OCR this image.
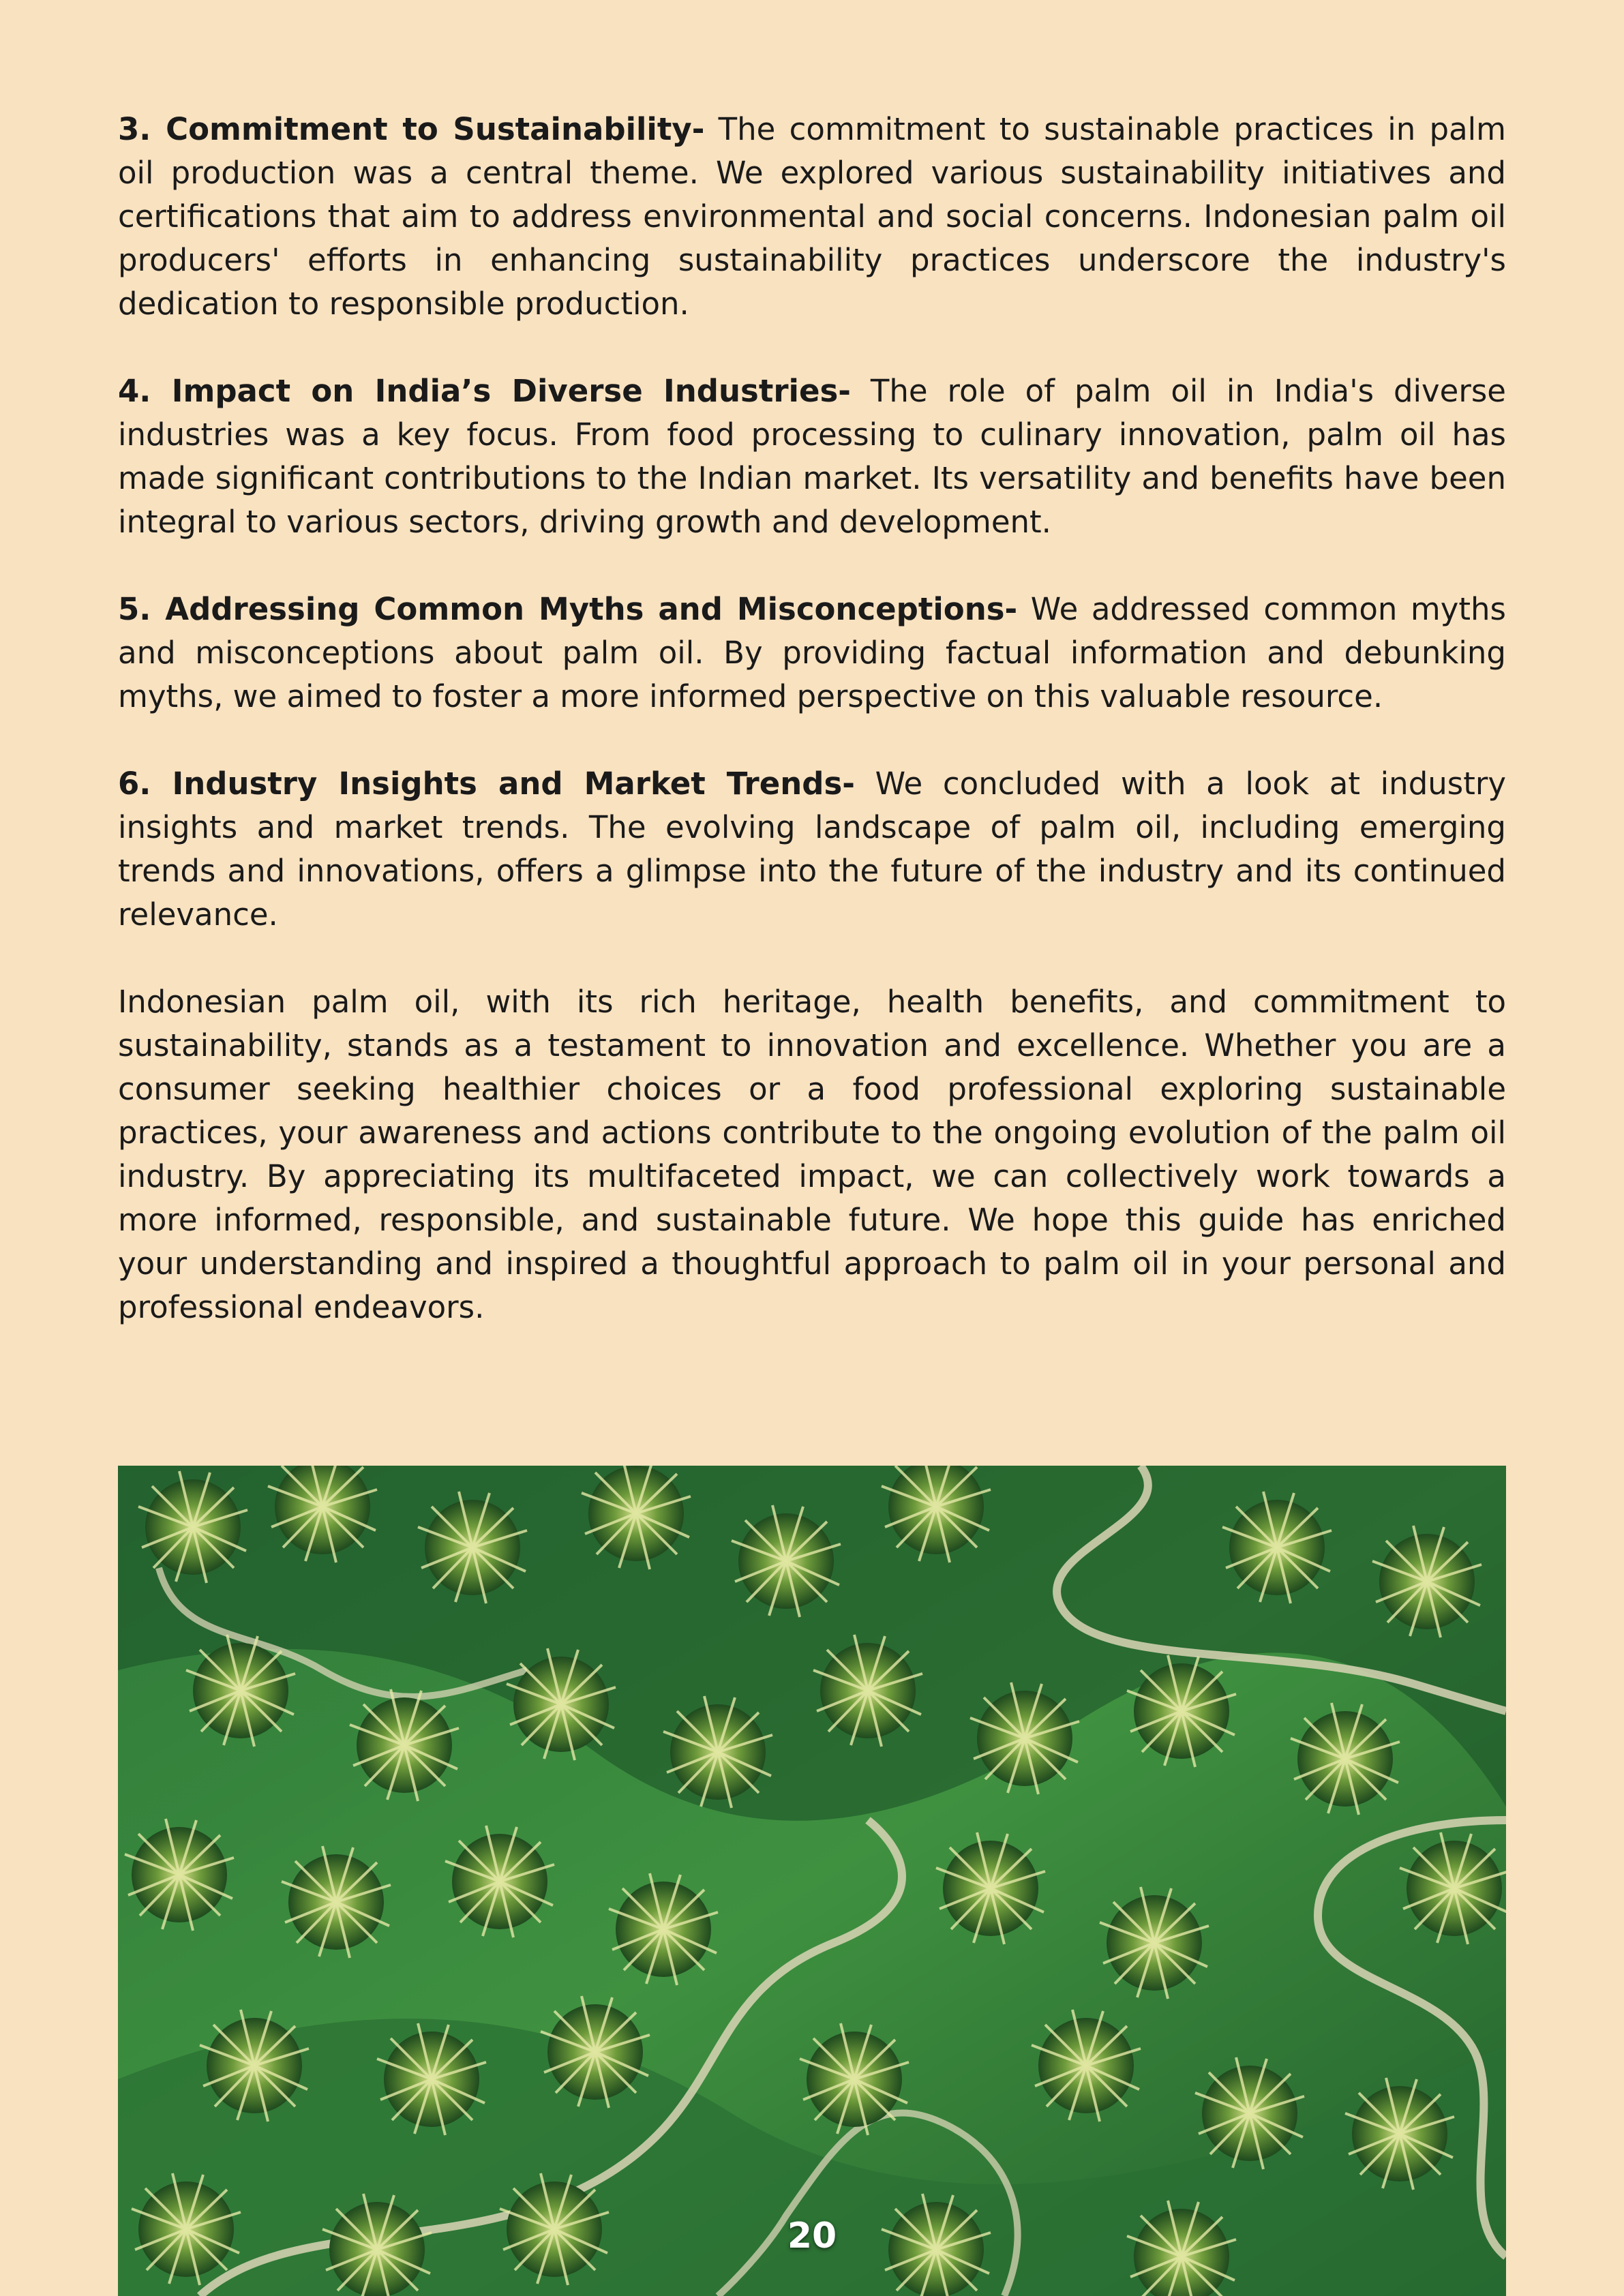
3. Commitment to Sustainability- The commitment to sustainable practices in palm oil production was a central theme. We explored various sustainability initiatives and certifications that aim to address environmental and social concerns. Indonesian palm oil producers' efforts in enhancing sustainability practices underscore the industry's dedication to responsible production.

4. Impact on India’s Diverse Industries- The role of palm oil in India's diverse industries was a key focus. From food processing to culinary innovation, palm oil has made significant contributions to the Indian market. Its versatility and benefits have been integral to various sectors, driving growth and development.

5. Addressing Common Myths and Misconceptions- We addressed common myths and misconceptions about palm oil. By providing factual information and debunking myths, we aimed to foster a more informed perspective on this valuable resource.

6. Industry Insights and Market Trends- We concluded with a look at industry insights and market trends. The evolving landscape of palm oil, including emerging trends and innovations, offers a glimpse into the future of the industry and its continued relevance.

Indonesian palm oil, with its rich heritage, health benefits, and commitment to sustainability, stands as a testament to innovation and excellence. Whether you are a consumer seeking healthier choices or a food professional exploring sustainable practices, your awareness and actions contribute to the ongoing evolution of the palm oil industry. By appreciating its multifaceted impact, we can collectively work towards a more informed, responsible, and sustainable future. We hope this guide has enriched your understanding and inspired a thoughtful approach to palm oil in your personal and professional endeavors.

20
